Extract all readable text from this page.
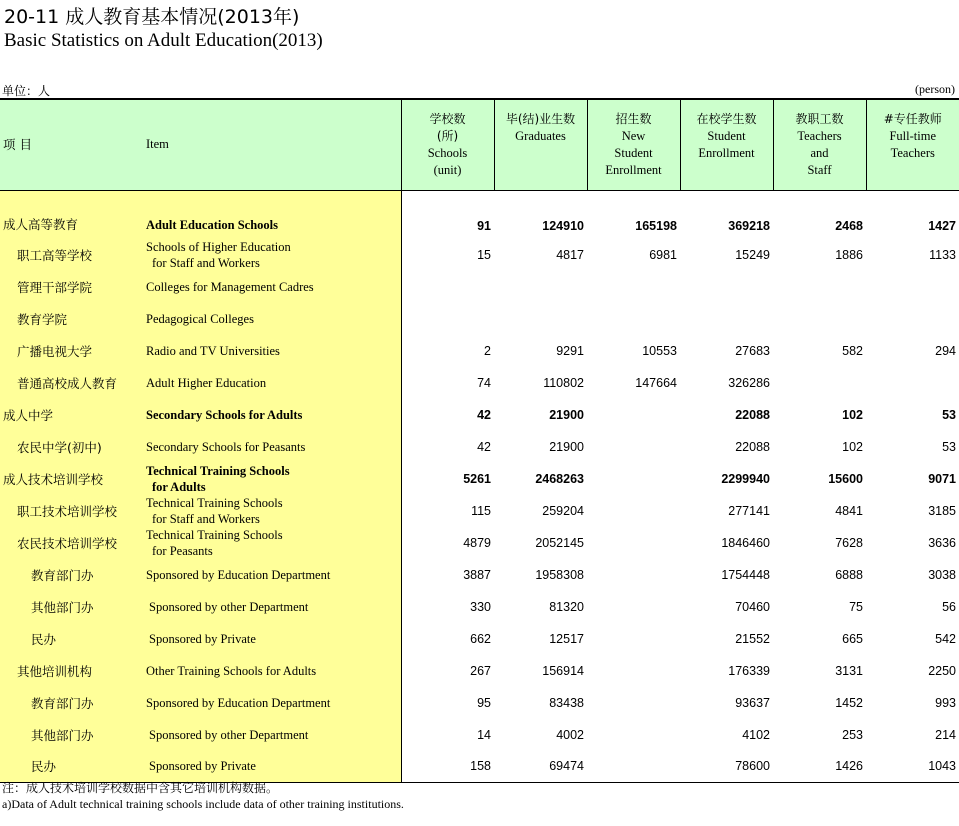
20-11 成人教育基本情况(2013年)
Basic Statistics on Adult Education(2013)
单位：人	(person)
项 目	Item	学校数
(所)
Schools
(unit)	毕(结)业生数
Graduates	招生数
New
Student
Enrollment	在校学生数
Student
Enrollment	教职工数
Teachers
and
Staff	#专任教师
Full-time
Teachers

成人高等教育	Adult Education Schools	91	124910	165198	369218	2468	1427
职工高等学校	Schools of Higher Education
for Staff and Workers	15	4817	6981	15249	1886	1133
管理干部学院	Colleges for Management Cadres						

教育学院	Pedagogical Colleges						

广播电视大学	Radio and TV Universities	2	9291	10553	27683	582	294
普通高校成人教育	Adult Higher Education	74	110802	147664	326286		
成人中学	Secondary Schools for Adults	42	21900		22088	102	53
农民中学(初中)	Secondary Schools for Peasants	42	21900		22088	102	53
成人技术培训学校	Technical Training Schools
for Adults	5261	2468263		2299940	15600	9071
职工技术培训学校	Technical Training Schools
for Staff and Workers	115	259204		277141	4841	3185
农民技术培训学校	Technical Training Schools
for Peasants	4879	2052145		1846460	7628	3636
教育部门办	Sponsored by Education Department	3887	1958308		1754448	6888	3038
其他部门办	Sponsored by other Department	330	81320		70460	75	56
民办	Sponsored by Private	662	12517		21552	665	542
其他培训机构	Other Training Schools for Adults	267	156914		176339	3131	2250
教育部门办	Sponsored by Education Department	95	83438		93637	1452	993
其他部门办	Sponsored by other Department	14	4002		4102	253	214
民办	Sponsored by Private	158	69474		78600	1426	1043
注：成人技术培训学校数据中含其它培训机构数据。
a)Data of Adult technical training schools include data of other training institutions.
